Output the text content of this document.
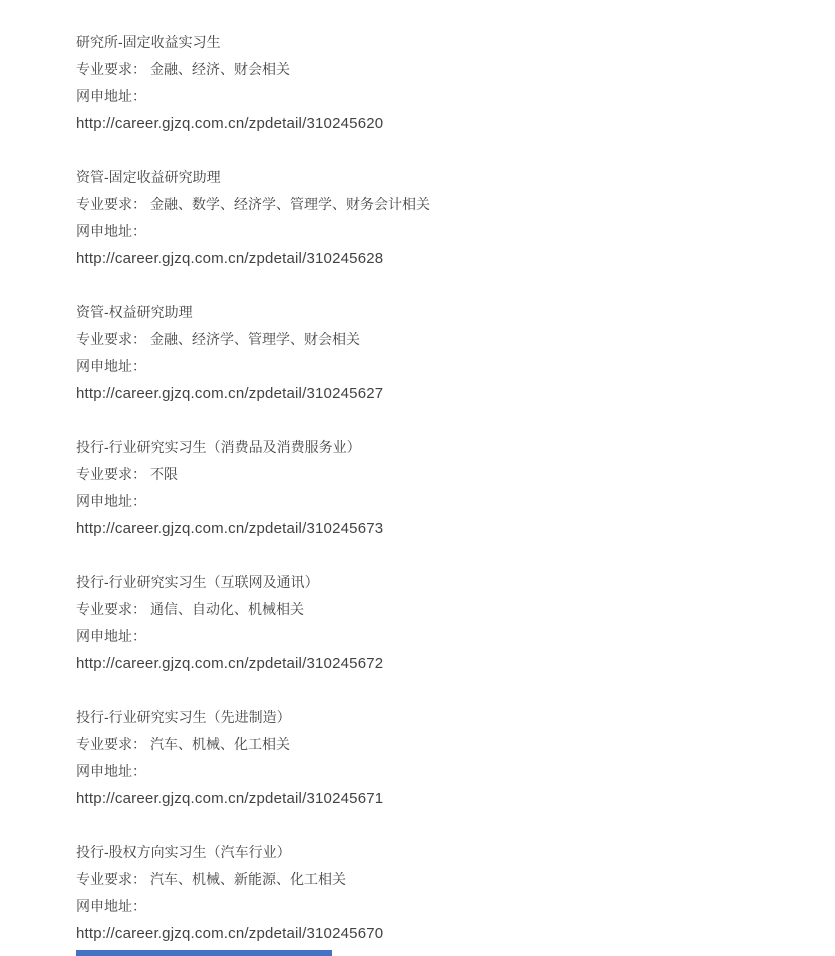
研究所-固定收益实习生

专业要求： 金融、经济、财会相关

网申地址：

http://career.gjzq.com.cn/zpdetail/310245620

资管-固定收益研究助理

专业要求： 金融、数学、经济学、管理学、财务会计相关

网申地址：

http://career.gjzq.com.cn/zpdetail/310245628

资管-权益研究助理

专业要求： 金融、经济学、管理学、财会相关

网申地址：

http://career.gjzq.com.cn/zpdetail/310245627

投行-行业研究实习生（消费品及消费服务业）

专业要求： 不限

网申地址：

http://career.gjzq.com.cn/zpdetail/310245673

投行-行业研究实习生（互联网及通讯）

专业要求： 通信、自动化、机械相关

网申地址：

http://career.gjzq.com.cn/zpdetail/310245672

投行-行业研究实习生（先进制造）

专业要求： 汽车、机械、化工相关

网申地址：

http://career.gjzq.com.cn/zpdetail/310245671

投行-股权方向实习生（汽车行业）

专业要求： 汽车、机械、新能源、化工相关

网申地址：

http://career.gjzq.com.cn/zpdetail/310245670
